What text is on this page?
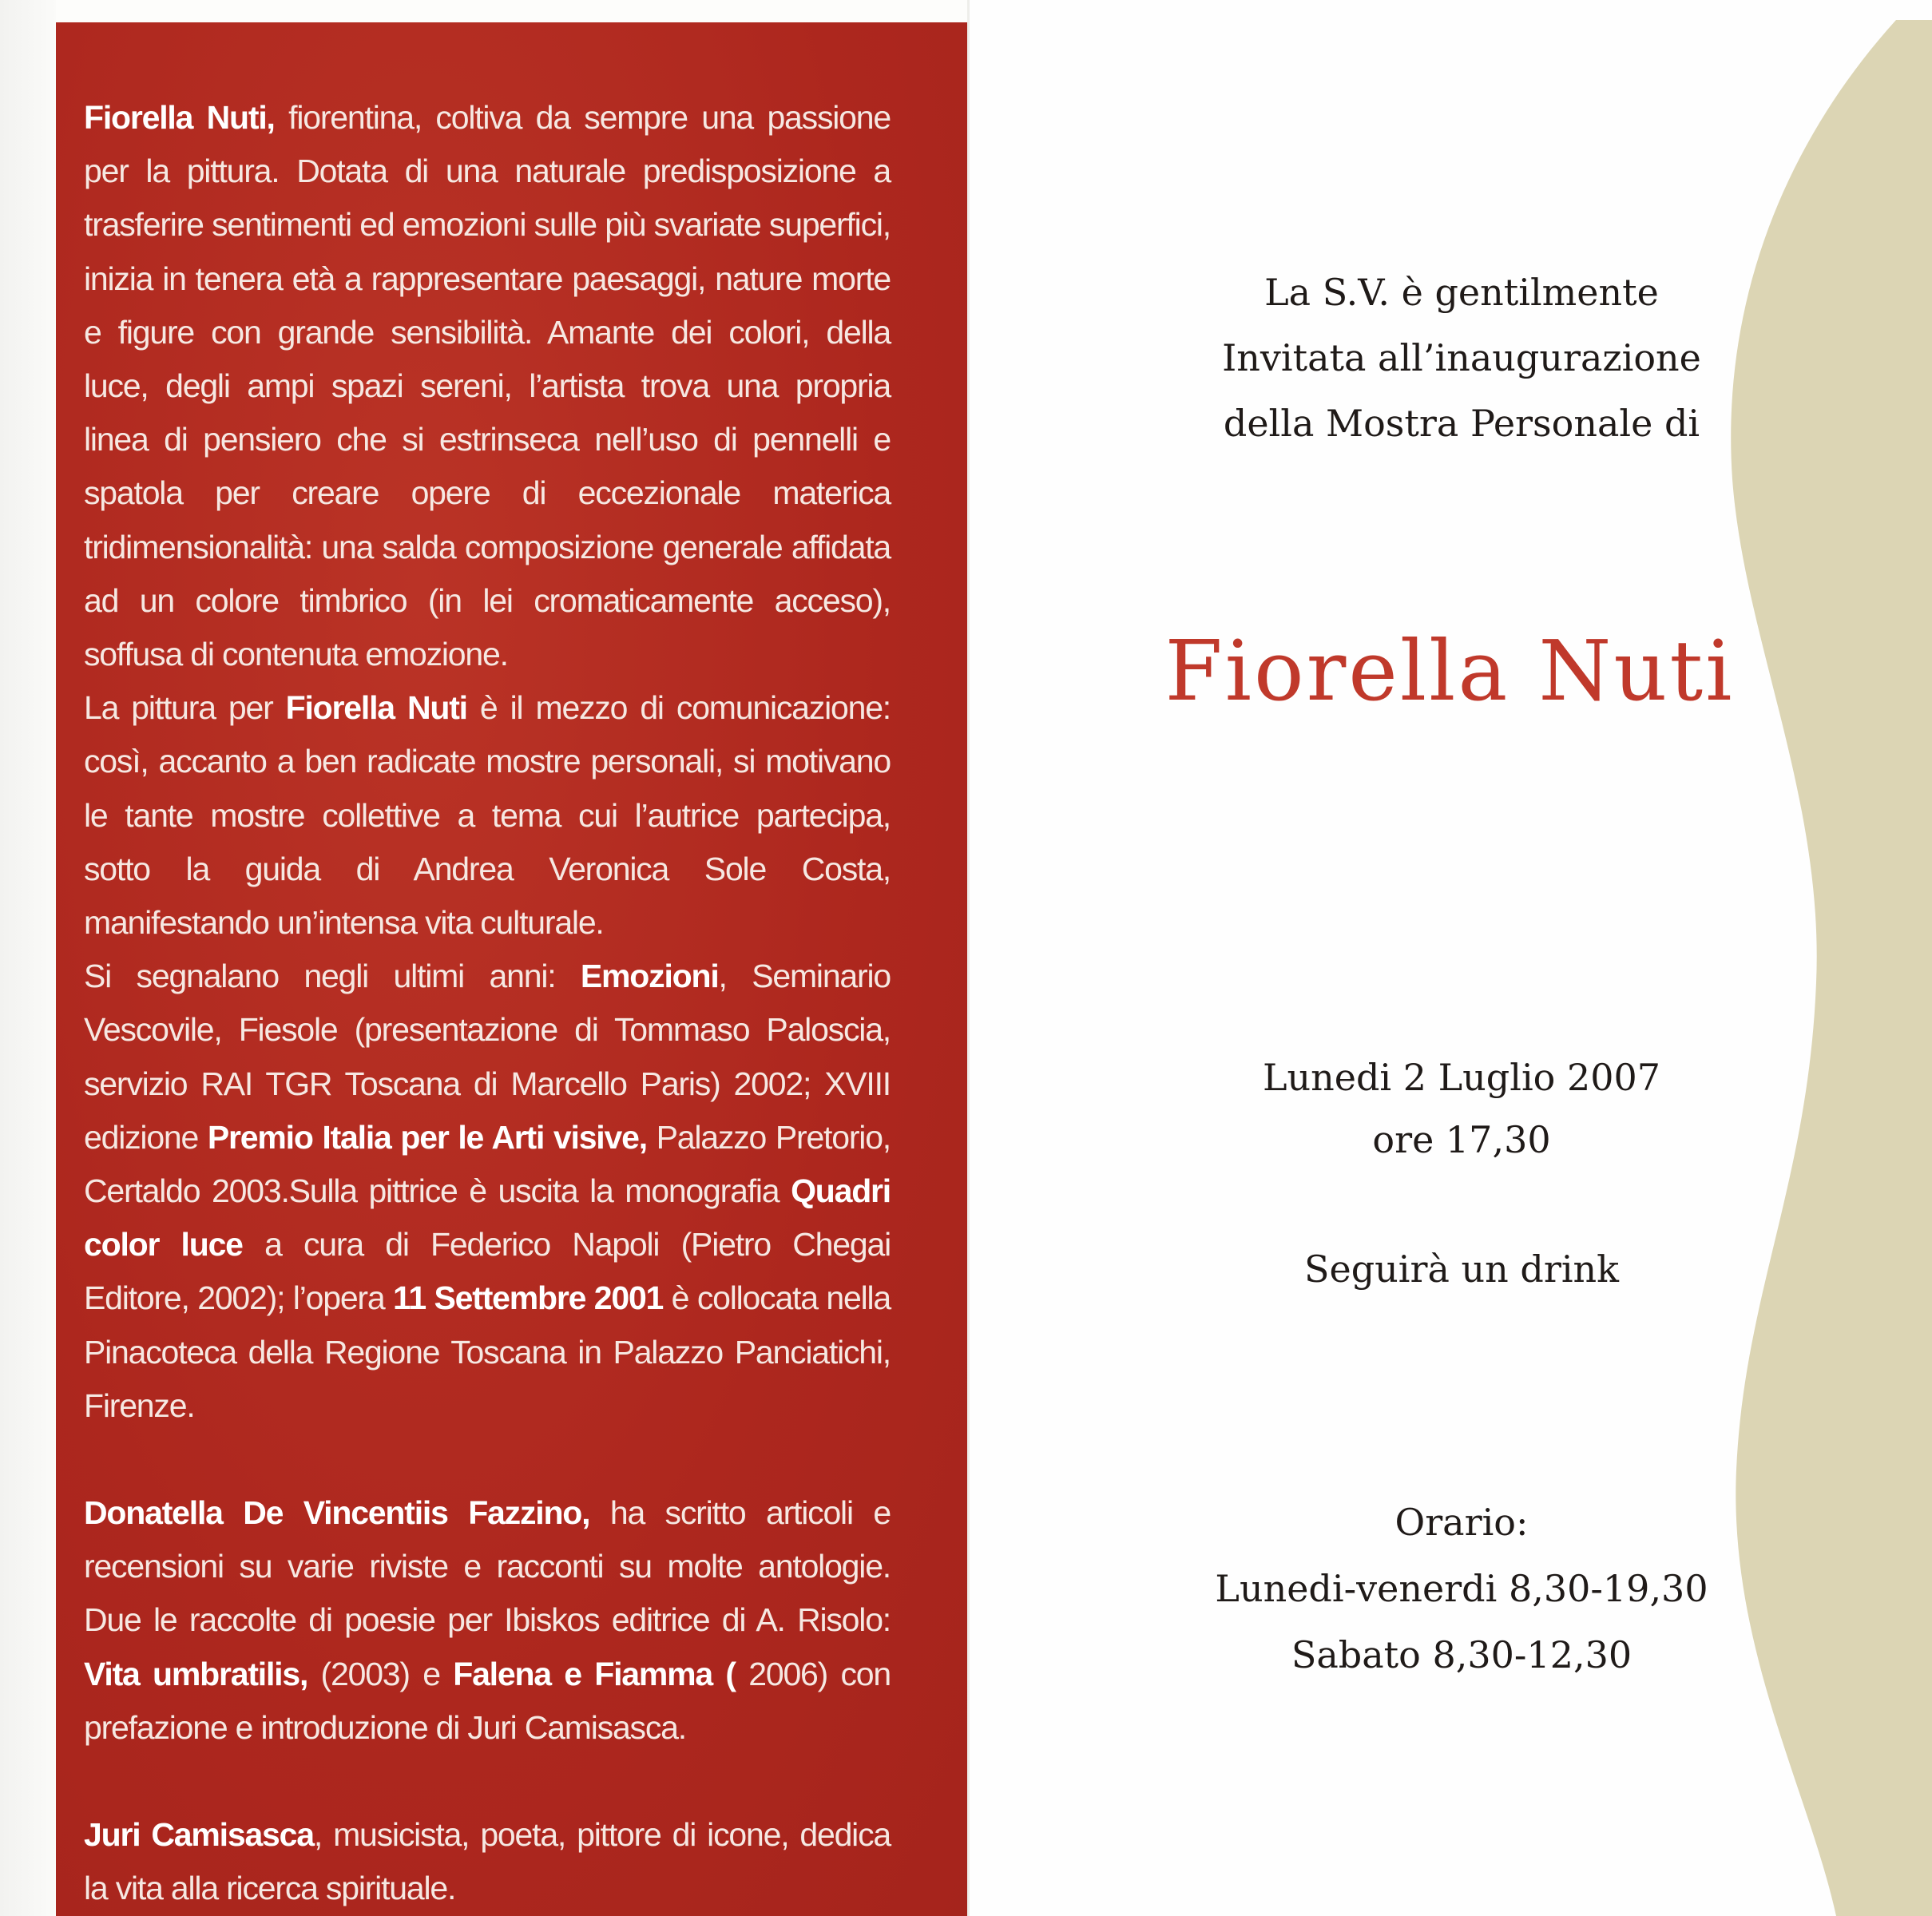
Fiorella Nuti, fiorentina, coltiva da sempre una passione per la pittura. Dotata di una naturale predisposizione a trasferire sentimenti ed emozioni sulle più svariate superfici, inizia in tenera età a rappresentare paesaggi, nature morte e figure con grande sensibilità. Amante dei colori, della luce, degli ampi spazi sereni, l’artista trova una propria linea di pensiero che si estrinseca nell’uso di pennelli e spatola per creare opere di eccezionale materica tridimensionalità: una salda composizione generale affidata ad un colore timbrico (in lei cromaticamente acceso), soffusa di contenuta emozione.

La pittura per Fiorella Nuti è il mezzo di comunicazione: così, accanto a ben radicate mostre personali, si motivano le tante mostre collettive a tema cui l’autrice partecipa, sotto la guida di Andrea Veronica Sole Costa, manifestando un’intensa vita culturale.

Si segnalano negli ultimi anni: Emozioni, Seminario Vescovile, Fiesole (presentazione di Tommaso Paloscia, servizio RAI TGR Toscana di Marcello Paris) 2002; XVIII edizione Premio Italia per le Arti visive, Palazzo Pretorio, Certaldo 2003.Sulla pittrice è uscita la monografia Quadri color luce a cura di Federico Napoli (Pietro Chegai Editore, 2002); l’opera 11 Settembre 2001 è collocata nella Pinacoteca della Regione Toscana in Palazzo Panciatichi, Firenze.

Donatella De Vincentiis Fazzino, ha scritto articoli e recensioni su varie riviste e racconti su molte antologie. Due le raccolte di poesie per Ibiskos editrice di A. Risolo: Vita umbratilis, (2003) e Falena e Fiamma ( 2006) con prefazione e introduzione di Juri Camisasca.

Juri Camisasca, musicista, poeta, pittore di icone, dedica la vita alla ricerca spirituale.

La S.V. è gentilmente
Invitata all’inaugurazione
della Mostra Personale di
Fiorella Nuti
Lunedi 2 Luglio 2007
ore 17,30
Seguirà un drink
Orario:
Lunedi-venerdi 8,30-19,30
Sabato 8,30-12,30
